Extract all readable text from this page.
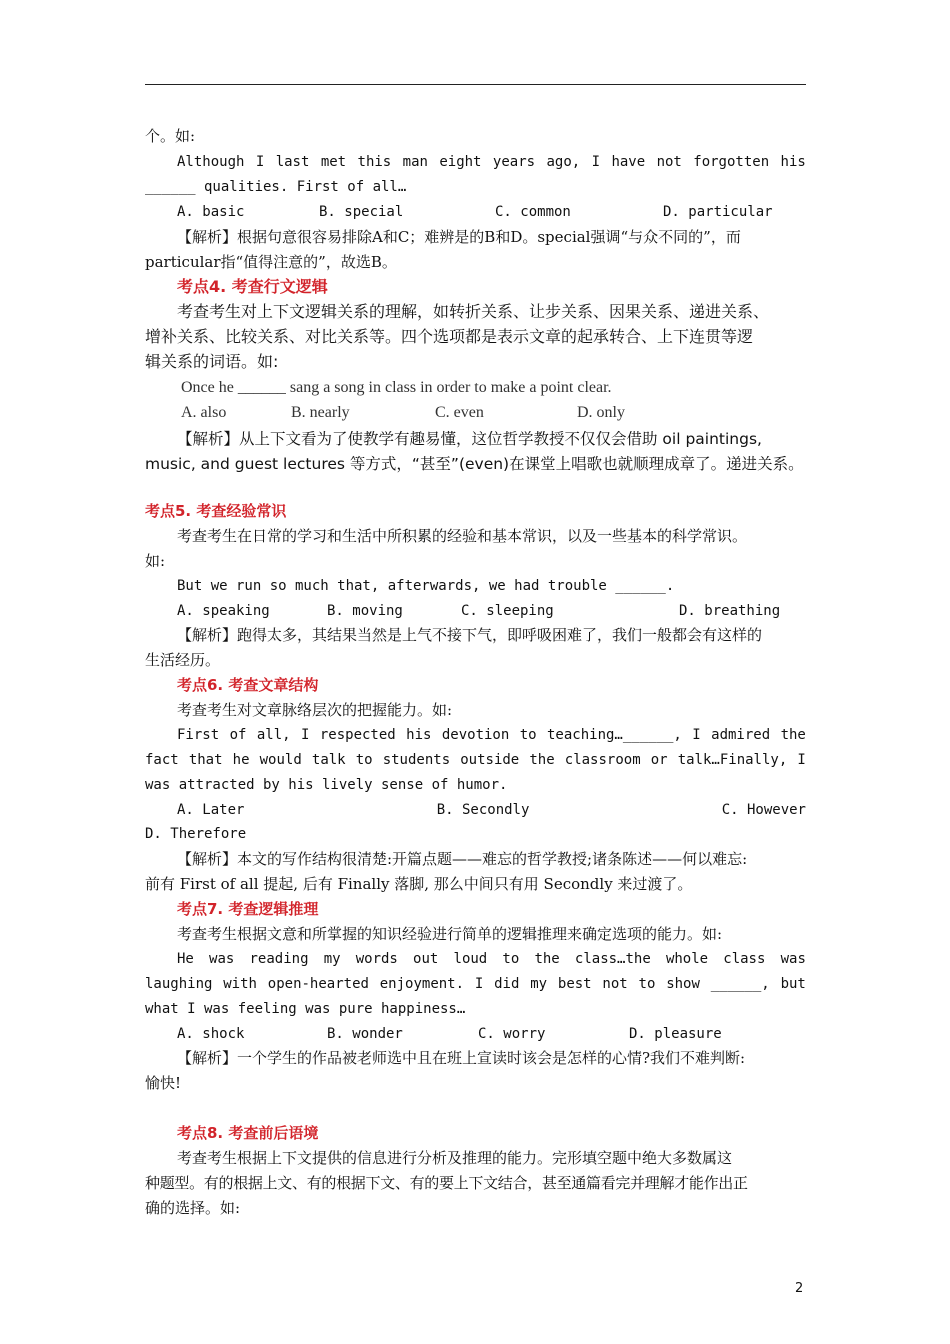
个。如:
Although I last met this man eight years ago, I have not forgotten his
______ qualities. First of all…
A. basic	B. special	C. common	D. particular
【解析】根据句意很容易排除A和C；难辨是的B和D。special强调“与众不同的”，而
particular指“值得注意的”，故选B。
考点4. 考查行文逻辑
考查考生对上下文逻辑关系的理解，如转折关系、让步关系、因果关系、递进关系、
增补关系、比较关系、对比关系等。四个选项都是表示文章的起承转合、上下连贯等逻
辑关系的词语。如:
Once he ______ sang a song in class in order to make a point clear.
A. also	B. nearly	C. even	D. only
【解析】从上下文看为了使教学有趣易懂，这位哲学教授不仅仅会借助 oil paintings,
music, and guest lectures 等方式，“甚至”(even)在课堂上唱歌也就顺理成章了。递进关系。
考点5. 考查经验常识
考查考生在日常的学习和生活中所积累的经验和基本常识，以及一些基本的科学常识。
如:
But we run so much that, afterwards, we had trouble ______.
A. speaking	B. moving	C. sleeping	D. breathing
【解析】跑得太多，其结果当然是上气不接下气，即呼吸困难了，我们一般都会有这样的
生活经历。
考点6. 考查文章结构
考查考生对文章脉络层次的把握能力。如:
First of all, I respected his devotion to teaching…______, I admired the
fact that he would talk to students outside the classroom or talk…Finally, I
was attracted by his lively sense of humor.
A. Later	B. Secondly	C. However
D. Therefore
【解析】本文的写作结构很清楚:开篇点题——难忘的哲学教授;诸条陈述——何以难忘:
前有 First of all 提起, 后有 Finally 落脚, 那么中间只有用 Secondly 来过渡了。
考点7. 考查逻辑推理
考查考生根据文意和所掌握的知识经验进行简单的逻辑推理来确定选项的能力。如:
He was reading my words out loud to the class…the whole class was
laughing with open-hearted enjoyment. I did my best not to show ______, but
what I was feeling was pure happiness…
A. shock	B. wonder	C. worry	D. pleasure
【解析】一个学生的作品被老师选中且在班上宣读时该会是怎样的心情?我们不难判断:
愉快!
考点8. 考查前后语境
考查考生根据上下文提供的信息进行分析及推理的能力。完形填空题中绝大多数属这
种题型。有的根据上文、有的根据下文、有的要上下文结合，甚至通篇看完并理解才能作出正
确的选择。如:
2
